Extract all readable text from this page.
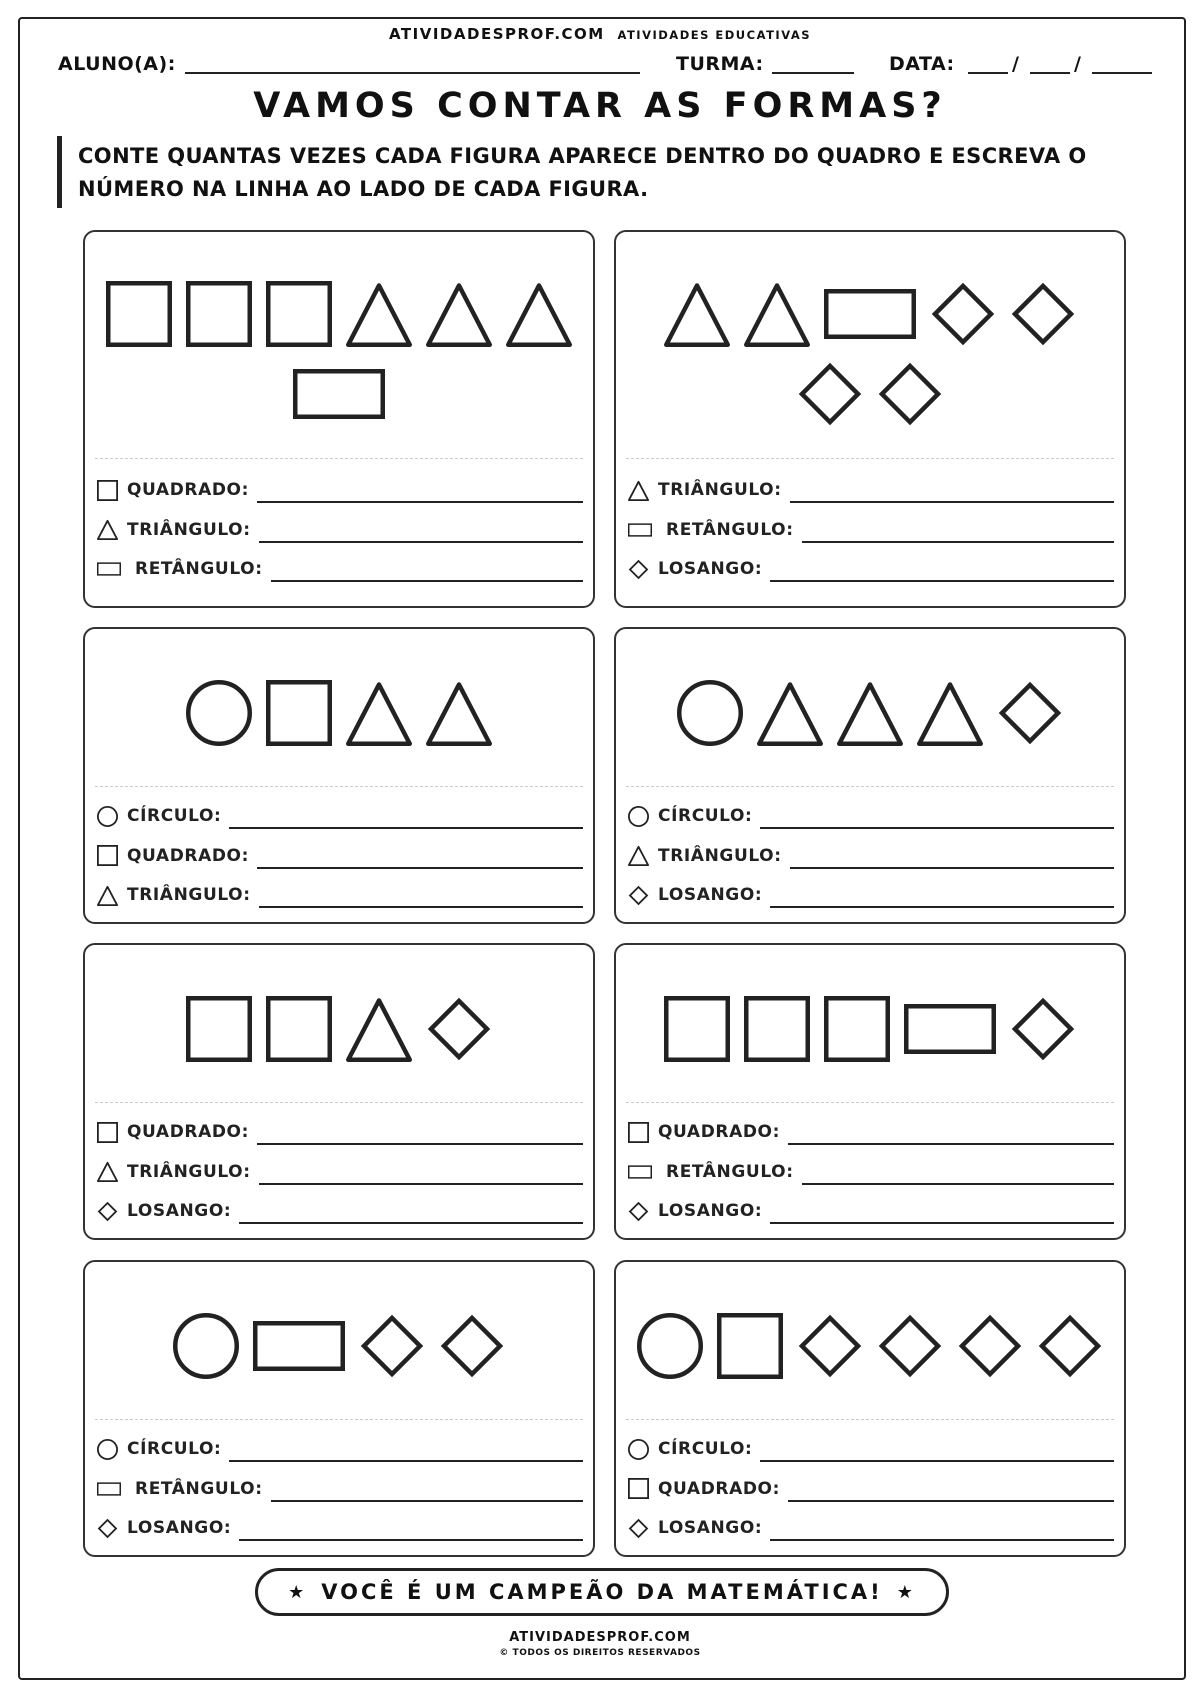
ATIVIDADESPROF.COM ATIVIDADES EDUCATIVAS
ALUNO(A):	TURMA:	DATA:	/	/
VAMOS CONTAR AS FORMAS?
CONTE QUANTAS VEZES CADA FIGURA APARECE DENTRO DO QUADRO E ESCREVA O
NÚMERO NA LINHA AO LADO DE CADA FIGURA.
QUADRADO:
TRIÂNGULO:
RETÂNGULO:
TRIÂNGULO:
RETÂNGULO:
LOSANGO:
CÍRCULO:
QUADRADO:
TRIÂNGULO:
CÍRCULO:
TRIÂNGULO:
LOSANGO:
QUADRADO:
TRIÂNGULO:
LOSANGO:
QUADRADO:
RETÂNGULO:
LOSANGO:
CÍRCULO:
RETÂNGULO:
LOSANGO:
CÍRCULO:
QUADRADO:
LOSANGO:
★ VOCÊ É UM CAMPEÃO DA MATEMÁTICA! ★
ATIVIDADESPROF.COM
© TODOS OS DIREITOS RESERVADOS
